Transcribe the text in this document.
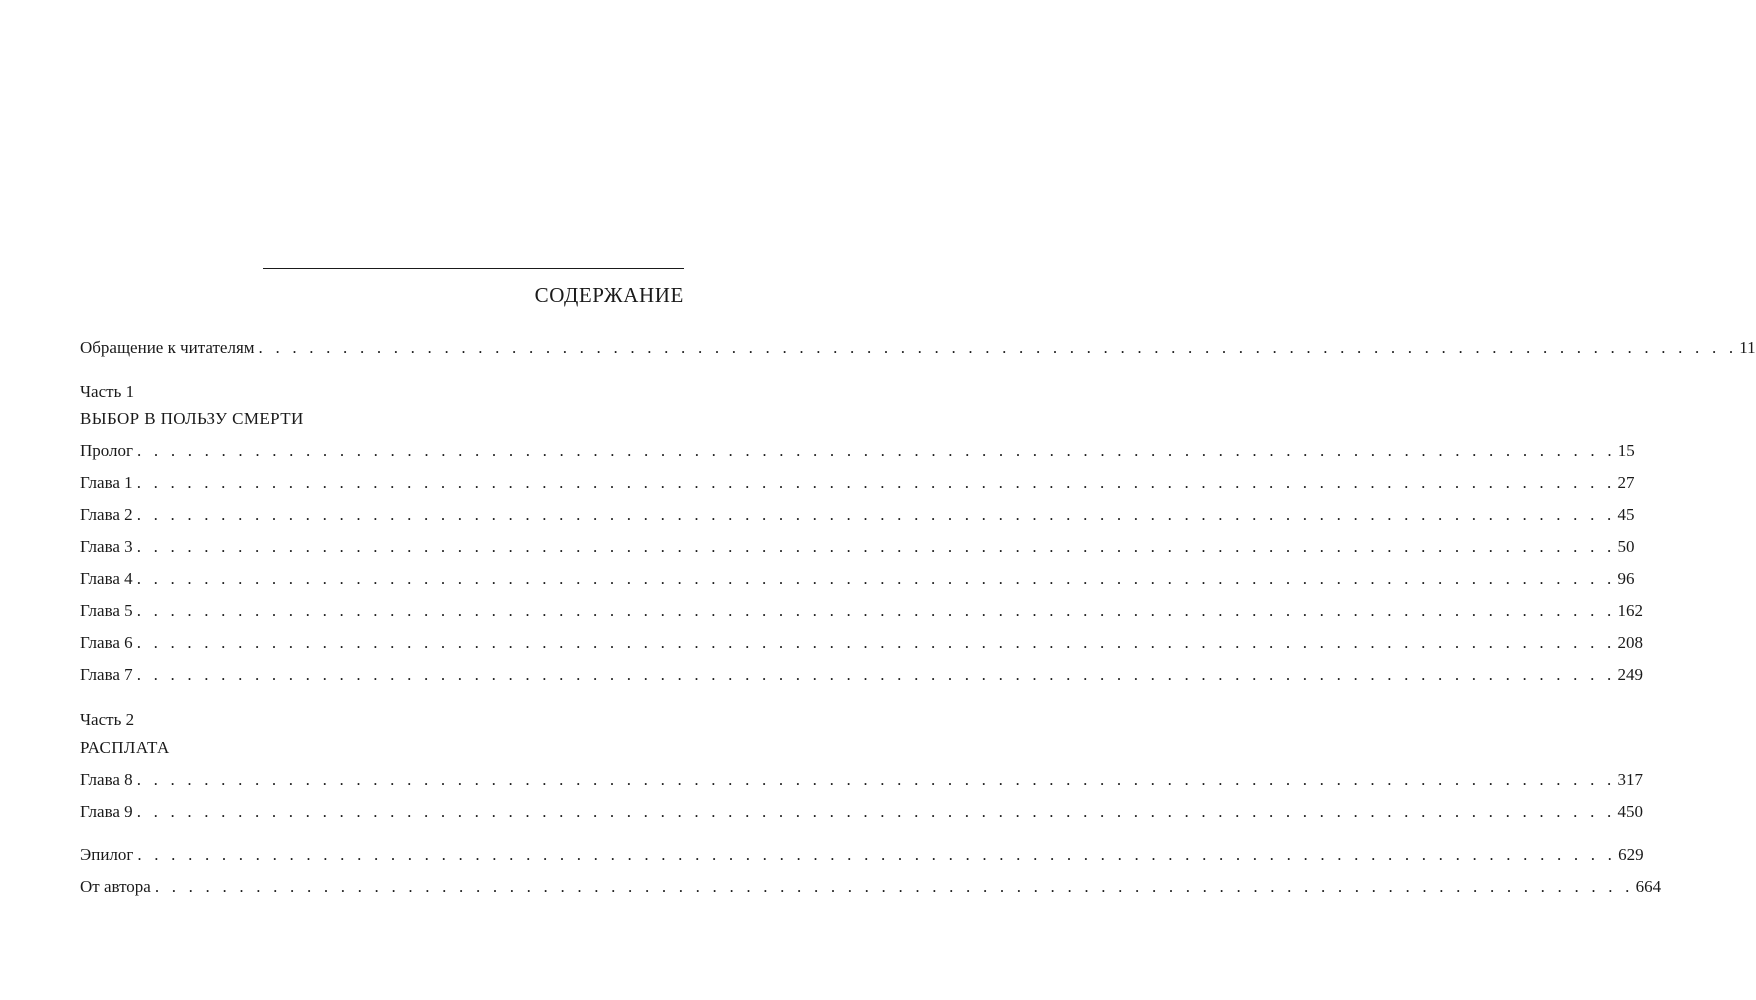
СОДЕРЖАНИЕ
Обращение к читателям . . . . . . . . . . . . . . . . . . . . . . . . . . . . . . . . . . . . . . . . . . . . . . . . . . . . . . . . . . . . . . . . . . . . . . . . . . . . . . . . . . . . . . . . 11
Часть 1
ВЫБОР В ПОЛЬЗУ СМЕРТИ
Пролог . . . . . . . . . . . . . . . . . . . . . . . . . . . . . . . . . . . . . . . . . . . . . . . . . . . . . . . . . . . . . . . . . . . . . . . . . . . . . . . . . . . . . . . . 15
Глава 1 . . . . . . . . . . . . . . . . . . . . . . . . . . . . . . . . . . . . . . . . . . . . . . . . . . . . . . . . . . . . . . . . . . . . . . . . . . . . . . . . . . . . . . . . 27
Глава 2 . . . . . . . . . . . . . . . . . . . . . . . . . . . . . . . . . . . . . . . . . . . . . . . . . . . . . . . . . . . . . . . . . . . . . . . . . . . . . . . . . . . . . . . . 45
Глава 3 . . . . . . . . . . . . . . . . . . . . . . . . . . . . . . . . . . . . . . . . . . . . . . . . . . . . . . . . . . . . . . . . . . . . . . . . . . . . . . . . . . . . . . . . 50
Глава 4 . . . . . . . . . . . . . . . . . . . . . . . . . . . . . . . . . . . . . . . . . . . . . . . . . . . . . . . . . . . . . . . . . . . . . . . . . . . . . . . . . . . . . . . . 96
Глава 5 . . . . . . . . . . . . . . . . . . . . . . . . . . . . . . . . . . . . . . . . . . . . . . . . . . . . . . . . . . . . . . . . . . . . . . . . . . . . . . . . . . . . . . . . 162
Глава 6 . . . . . . . . . . . . . . . . . . . . . . . . . . . . . . . . . . . . . . . . . . . . . . . . . . . . . . . . . . . . . . . . . . . . . . . . . . . . . . . . . . . . . . . . 208
Глава 7 . . . . . . . . . . . . . . . . . . . . . . . . . . . . . . . . . . . . . . . . . . . . . . . . . . . . . . . . . . . . . . . . . . . . . . . . . . . . . . . . . . . . . . . . 249
Часть 2
РАСПЛАТА
Глава 8 . . . . . . . . . . . . . . . . . . . . . . . . . . . . . . . . . . . . . . . . . . . . . . . . . . . . . . . . . . . . . . . . . . . . . . . . . . . . . . . . . . . . . . . . 317
Глава 9 . . . . . . . . . . . . . . . . . . . . . . . . . . . . . . . . . . . . . . . . . . . . . . . . . . . . . . . . . . . . . . . . . . . . . . . . . . . . . . . . . . . . . . . . 450
Эпилог . . . . . . . . . . . . . . . . . . . . . . . . . . . . . . . . . . . . . . . . . . . . . . . . . . . . . . . . . . . . . . . . . . . . . . . . . . . . . . . . . . . . . . . . 629
От автора . . . . . . . . . . . . . . . . . . . . . . . . . . . . . . . . . . . . . . . . . . . . . . . . . . . . . . . . . . . . . . . . . . . . . . . . . . . . . . . . . . . . . . . . 664
